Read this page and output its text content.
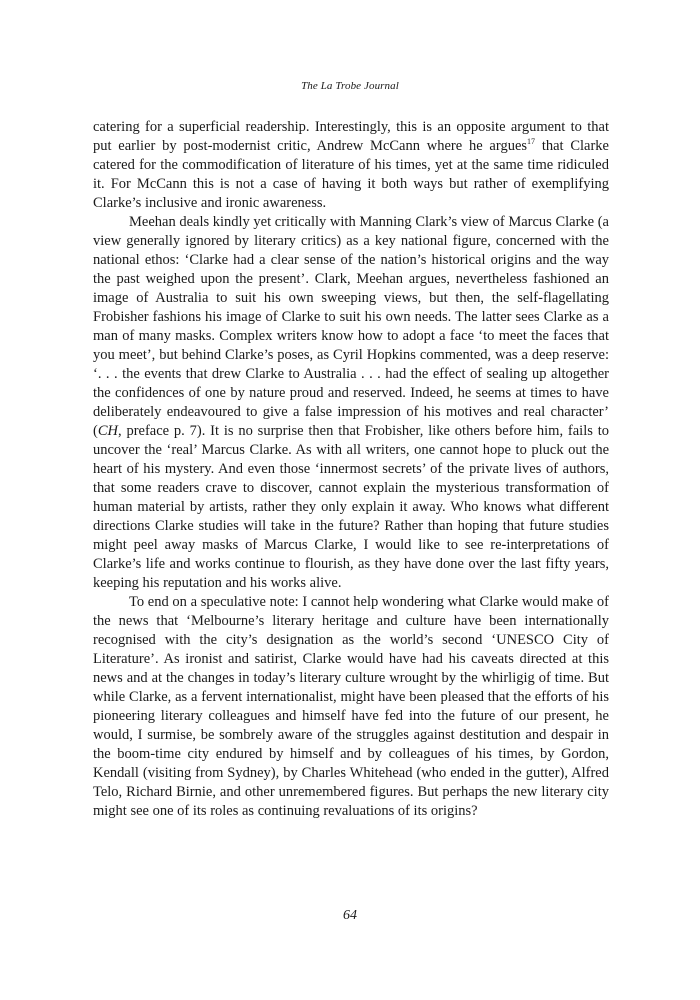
The La Trobe Journal

catering for a superficial readership. Interestingly, this is an opposite argument to that put earlier by post-modernist critic, Andrew McCann where he argues$^{17}$ that Clarke catered for the commodification of literature of his times, yet at the same time ridiculed it. For McCann this is not a case of having it both ways but rather of exemplifying Clarke’s inclusive and ironic awareness.

Meehan deals kindly yet critically with Manning Clark’s view of Marcus Clarke (a view generally ignored by literary critics) as a key national figure, concerned with the national ethos: ‘Clarke had a clear sense of the nation’s historical origins and the way the past weighed upon the present’. Clark, Meehan argues, nevertheless fashioned an image of Australia to suit his own sweeping views, but then, the self-flagellating Frobisher fashions his image of Clarke to suit his own needs. The latter sees Clarke as a man of many masks. Complex writers know how to adopt a face ‘to meet the faces that you meet’, but behind Clarke’s poses, as Cyril Hopkins commented, was a deep reserve: ‘. . . the events that drew Clarke to Australia . . . had the effect of sealing up altogether the confidences of one by nature proud and reserved. Indeed, he seems at times to have deliberately endeavoured to give a false impression of his motives and real character’ (CH, preface p. 7). It is no surprise then that Frobisher, like others before him, fails to uncover the ‘real’ Marcus Clarke. As with all writers, one cannot hope to pluck out the heart of his mystery. And even those ‘innermost secrets’ of the private lives of authors, that some readers crave to discover, cannot explain the mysterious transformation of human material by artists, rather they only explain it away. Who knows what different directions Clarke studies will take in the future? Rather than hoping that future studies might peel away masks of Marcus Clarke, I would like to see re-interpretations of Clarke’s life and works continue to flourish, as they have done over the last fifty years, keeping his reputation and his works alive.

To end on a speculative note: I cannot help wondering what Clarke would make of the news that ‘Melbourne’s literary heritage and culture have been internationally recognised with the city’s designation as the world’s second ‘UNESCO City of Literature’. As ironist and satirist, Clarke would have had his caveats directed at this news and at the changes in today’s literary culture wrought by the whirligig of time. But while Clarke, as a fervent internationalist, might have been pleased that the efforts of his pioneering literary colleagues and himself have fed into the future of our present, he would, I surmise, be sombrely aware of the struggles against destitution and despair in the boom-time city endured by himself and by colleagues of his times, by Gordon, Kendall (visiting from Sydney), by Charles Whitehead (who ended in the gutter), Alfred Telo, Richard Birnie, and other unremembered figures. But perhaps the new literary city might see one of its roles as continuing revaluations of its origins?

64
